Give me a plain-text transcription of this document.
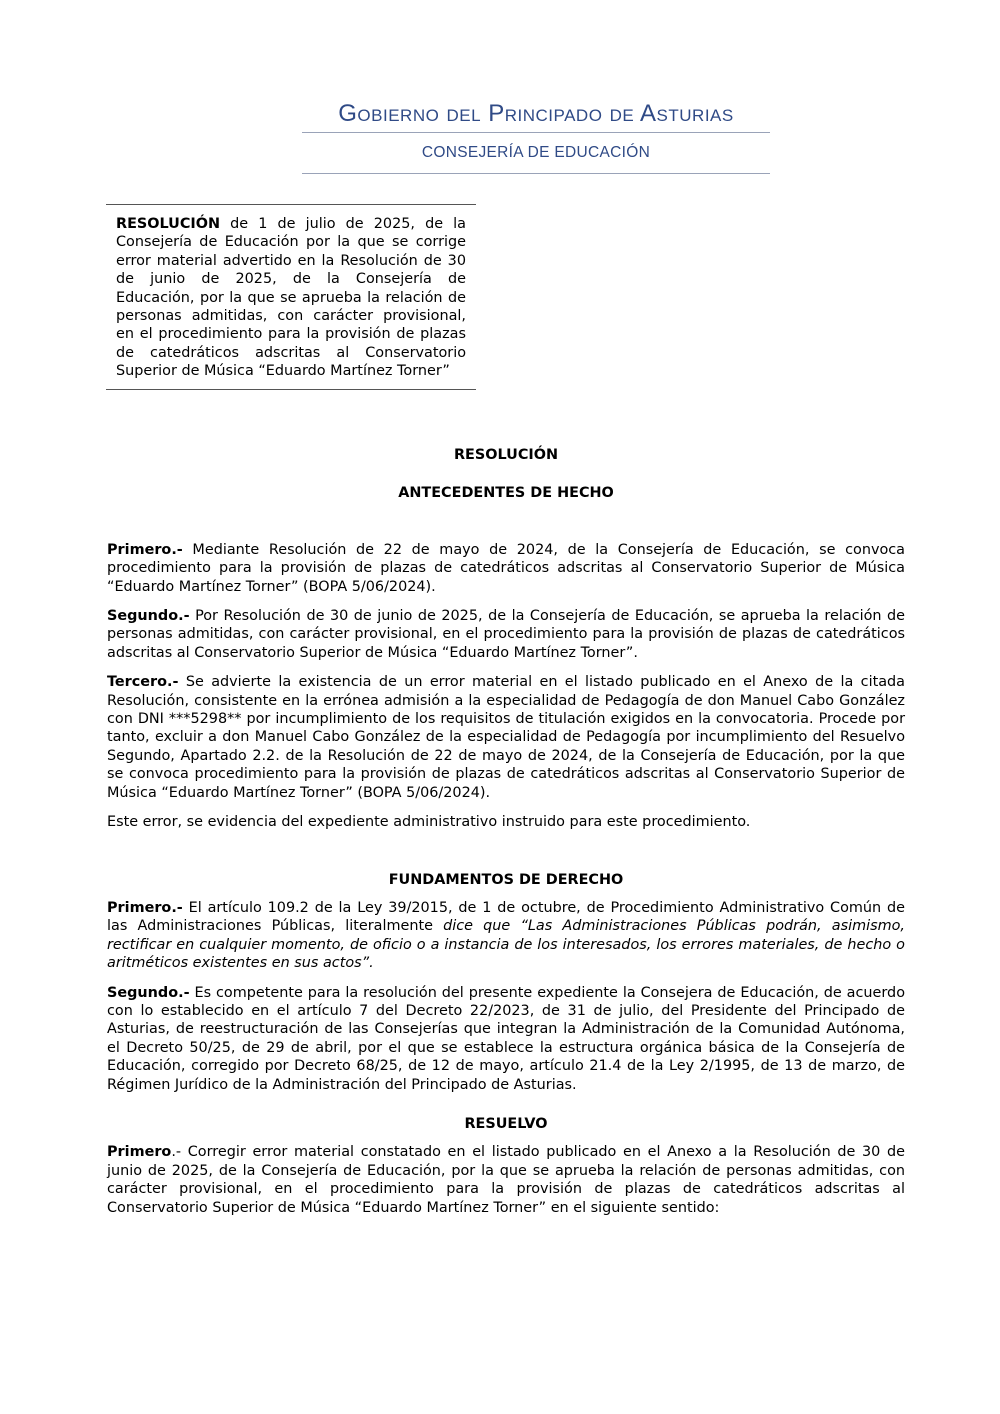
Gobierno del Principado de Asturias

CONSEJERÍA DE EDUCACIÓN

RESOLUCIÓN de 1 de julio de 2025, de la Consejería de Educación por la que se corrige error material advertido en la Resolución de 30 de junio de 2025, de la Consejería de Educación, por la que se aprueba la relación de personas admitidas, con carácter provisional, en el procedimiento para la provisión de plazas de catedráticos adscritas al Conservatorio Superior de Música “Eduardo Martínez Torner”

RESOLUCIÓN

ANTECEDENTES DE HECHO

Primero.- Mediante Resolución de 22 de mayo de 2024, de la Consejería de Educación, se convoca procedimiento para la provisión de plazas de catedráticos adscritas al Conservatorio Superior de Música “Eduardo Martínez Torner” (BOPA 5/06/2024).

Segundo.- Por Resolución de 30 de junio de 2025, de la Consejería de Educación, se aprueba la relación de personas admitidas, con carácter provisional, en el procedimiento para la provisión de plazas de catedráticos adscritas al Conservatorio Superior de Música “Eduardo Martínez Torner”.

Tercero.- Se advierte la existencia de un error material en el listado publicado en el Anexo de la citada Resolución, consistente en la errónea admisión a la especialidad de Pedagogía de don Manuel Cabo González con DNI ***5298** por incumplimiento de los requisitos de titulación exigidos en la convocatoria. Procede por tanto, excluir a don Manuel Cabo González de la especialidad de Pedagogía por incumplimiento del Resuelvo Segundo, Apartado 2.2. de la Resolución de 22 de mayo de 2024, de la Consejería de Educación, por la que se convoca procedimiento para la provisión de plazas de catedráticos adscritas al Conservatorio Superior de Música “Eduardo Martínez Torner” (BOPA 5/06/2024).

Este error, se evidencia del expediente administrativo instruido para este procedimiento.

FUNDAMENTOS DE DERECHO

Primero.- El artículo 109.2 de la Ley 39/2015, de 1 de octubre, de Procedimiento Administrativo Común de las Administraciones Públicas, literalmente dice que “Las Administraciones Públicas podrán, asimismo, rectificar en cualquier momento, de oficio o a instancia de los interesados, los errores materiales, de hecho o aritméticos existentes en sus actos”.

Segundo.- Es competente para la resolución del presente expediente la Consejera de Educación, de acuerdo con lo establecido en el artículo 7 del Decreto 22/2023, de 31 de julio, del Presidente del Principado de Asturias, de reestructuración de las Consejerías que integran la Administración de la Comunidad Autónoma, el Decreto 50/25, de 29 de abril, por el que se establece la estructura orgánica básica de la Consejería de Educación, corregido por Decreto 68/25, de 12 de mayo, artículo 21.4 de la Ley 2/1995, de 13 de marzo, de Régimen Jurídico de la Administración del Principado de Asturias.

RESUELVO

Primero.- Corregir error material constatado en el listado publicado en el Anexo a la Resolución de 30 de junio de 2025, de la Consejería de Educación, por la que se aprueba la relación de personas admitidas, con carácter provisional, en el procedimiento para la provisión de plazas de catedráticos adscritas al Conservatorio Superior de Música “Eduardo Martínez Torner” en el siguiente sentido:
